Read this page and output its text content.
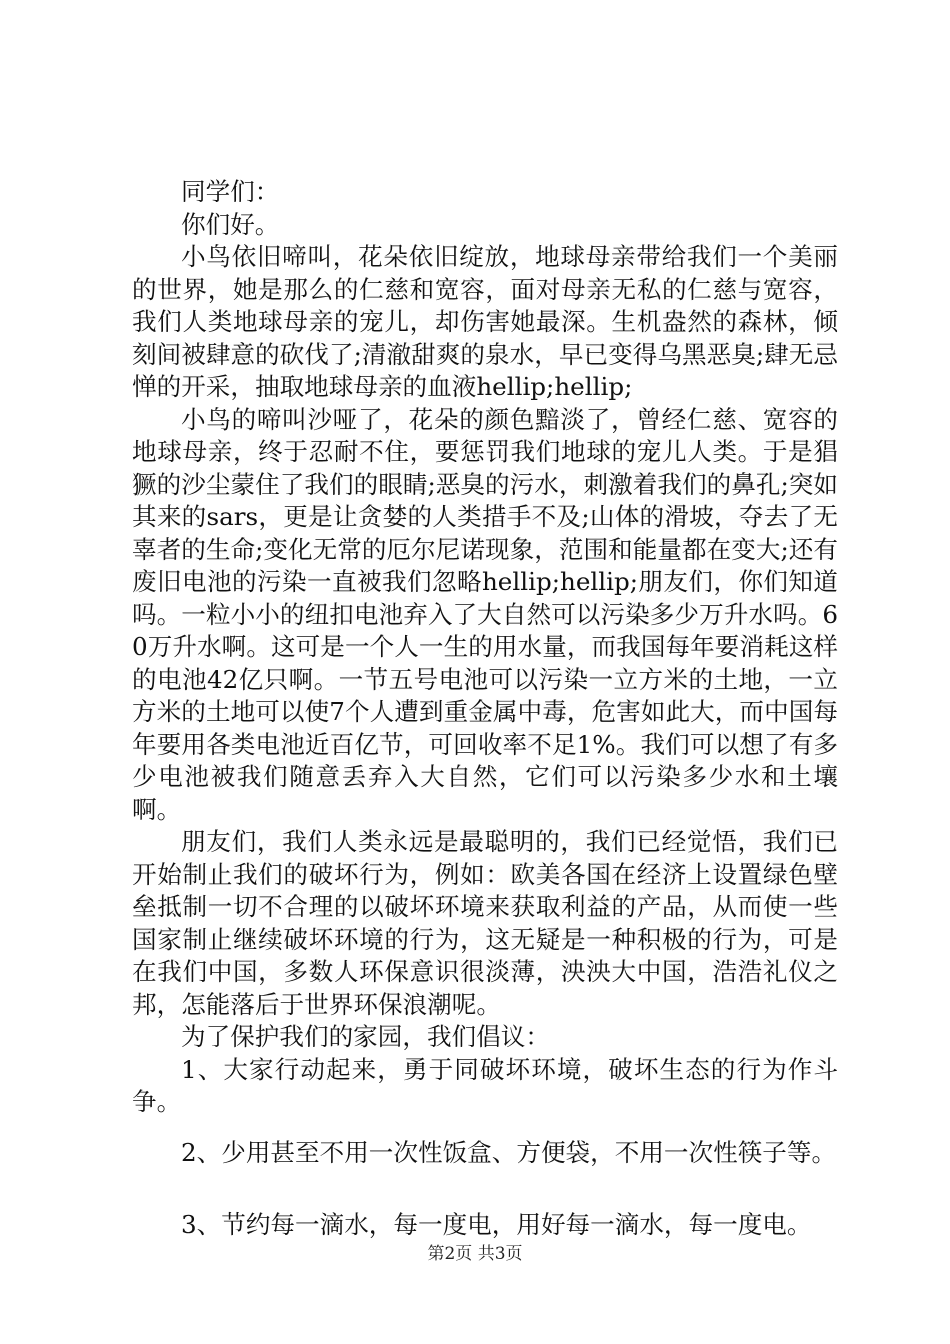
同学们：

你们好。

小鸟依旧啼叫，花朵依旧绽放，地球母亲带给我们一个美丽的世界，她是那么的仁慈和宽容，面对母亲无私的仁慈与宽容，我们人类地球母亲的宠儿，却伤害她最深。生机盎然的森林，倾刻间被肆意的砍伐了;清澈甜爽的泉水，早已变得乌黑恶臭;肆无忌惮的开采，抽取地球母亲的血液hellip;hellip;

小鸟的啼叫沙哑了，花朵的颜色黯淡了，曾经仁慈、宽容的地球母亲，终于忍耐不住，要惩罚我们地球的宠儿人类。于是猖獗的沙尘蒙住了我们的眼睛;恶臭的污水，刺激着我们的鼻孔;突如其来的sars，更是让贪婪的人类措手不及;山体的滑坡，夺去了无辜者的生命;变化无常的厄尔尼诺现象，范围和能量都在变大;还有废旧电池的污染一直被我们忽略hellip;hellip;朋友们，你们知道吗。一粒小小的纽扣电池弃入了大自然可以污染多少万升水吗。60万升水啊。这可是一个人一生的用水量，而我国每年要消耗这样的电池42亿只啊。一节五号电池可以污染一立方米的土地，一立方米的土地可以使7个人遭到重金属中毒，危害如此大，而中国每年要用各类电池近百亿节，可回收率不足1%。我们可以想了有多少电池被我们随意丢弃入大自然，它们可以污染多少水和土壤啊。

朋友们，我们人类永远是最聪明的，我们已经觉悟，我们已开始制止我们的破坏行为，例如：欧美各国在经济上设置绿色壁垒抵制一切不合理的以破坏环境来获取利益的产品，从而使一些国家制止继续破坏环境的行为，这无疑是一种积极的行为，可是在我们中国，多数人环保意识很淡薄，泱泱大中国，浩浩礼仪之邦，怎能落后于世界环保浪潮呢。

为了保护我们的家园，我们倡议：

1、大家行动起来，勇于同破坏环境，破坏生态的行为作斗争。

2、少用甚至不用一次性饭盒、方便袋，不用一次性筷子等。

3、节约每一滴水，每一度电，用好每一滴水，每一度电。

第2页 共3页
